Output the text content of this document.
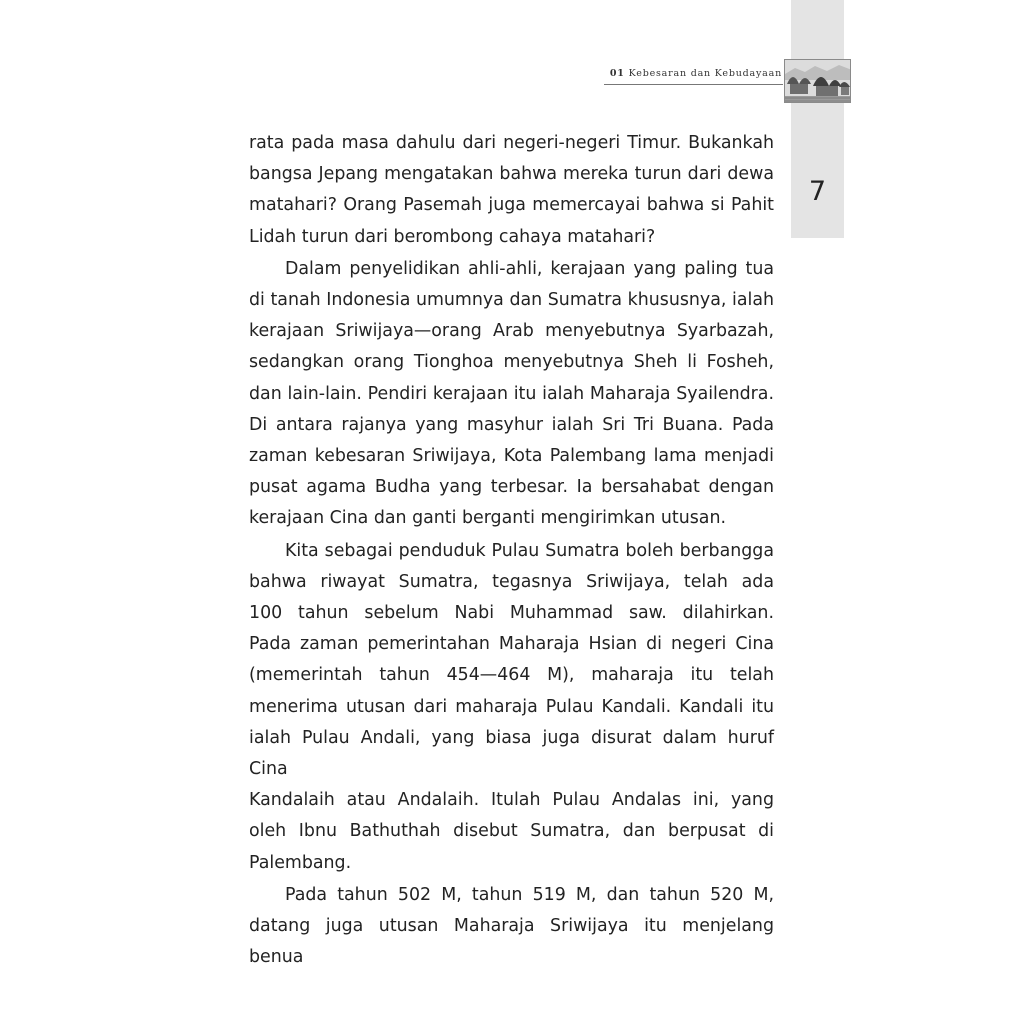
7
01 Kebesaran dan Kebudayaan

rata pada masa dahulu dari negeri-negeri Timur. Bukankah

bangsa Jepang mengatakan bahwa mereka turun dari dewa

matahari? Orang Pasemah juga memercayai bahwa si Pahit

Lidah turun dari berombong cahaya matahari?

Dalam penyelidikan ahli-ahli, kerajaan yang paling tua

di tanah Indonesia umumnya dan Sumatra khususnya, ialah

kerajaan Sriwijaya—orang Arab menyebutnya Syarbazah,

sedangkan orang Tionghoa menyebutnya Sheh li Fosheh,

dan lain-lain. Pendiri kerajaan itu ialah Maharaja Syailendra.

Di antara rajanya yang masyhur ialah Sri Tri Buana. Pada

zaman kebesaran Sriwijaya, Kota Palembang lama menjadi

pusat agama Budha yang terbesar. Ia bersahabat dengan

kerajaan Cina dan ganti berganti mengirimkan utusan.

Kita sebagai penduduk Pulau Sumatra boleh berbangga

bahwa riwayat Sumatra, tegasnya Sriwijaya, telah ada

100 tahun sebelum Nabi Muhammad saw. dilahirkan.

Pada zaman pemerintahan Maharaja Hsian di negeri Cina

(memerintah tahun 454—464 M), maharaja itu telah

menerima utusan dari maharaja Pulau Kandali. Kandali itu

ialah Pulau Andali, yang biasa juga disurat dalam huruf Cina

Kandalaih atau Andalaih. Itulah Pulau Andalas ini, yang

oleh Ibnu Bathuthah disebut Sumatra, dan berpusat di

Palembang.

Pada tahun 502 M, tahun 519 M, dan tahun 520 M,

datang juga utusan Maharaja Sriwijaya itu menjelang benua
